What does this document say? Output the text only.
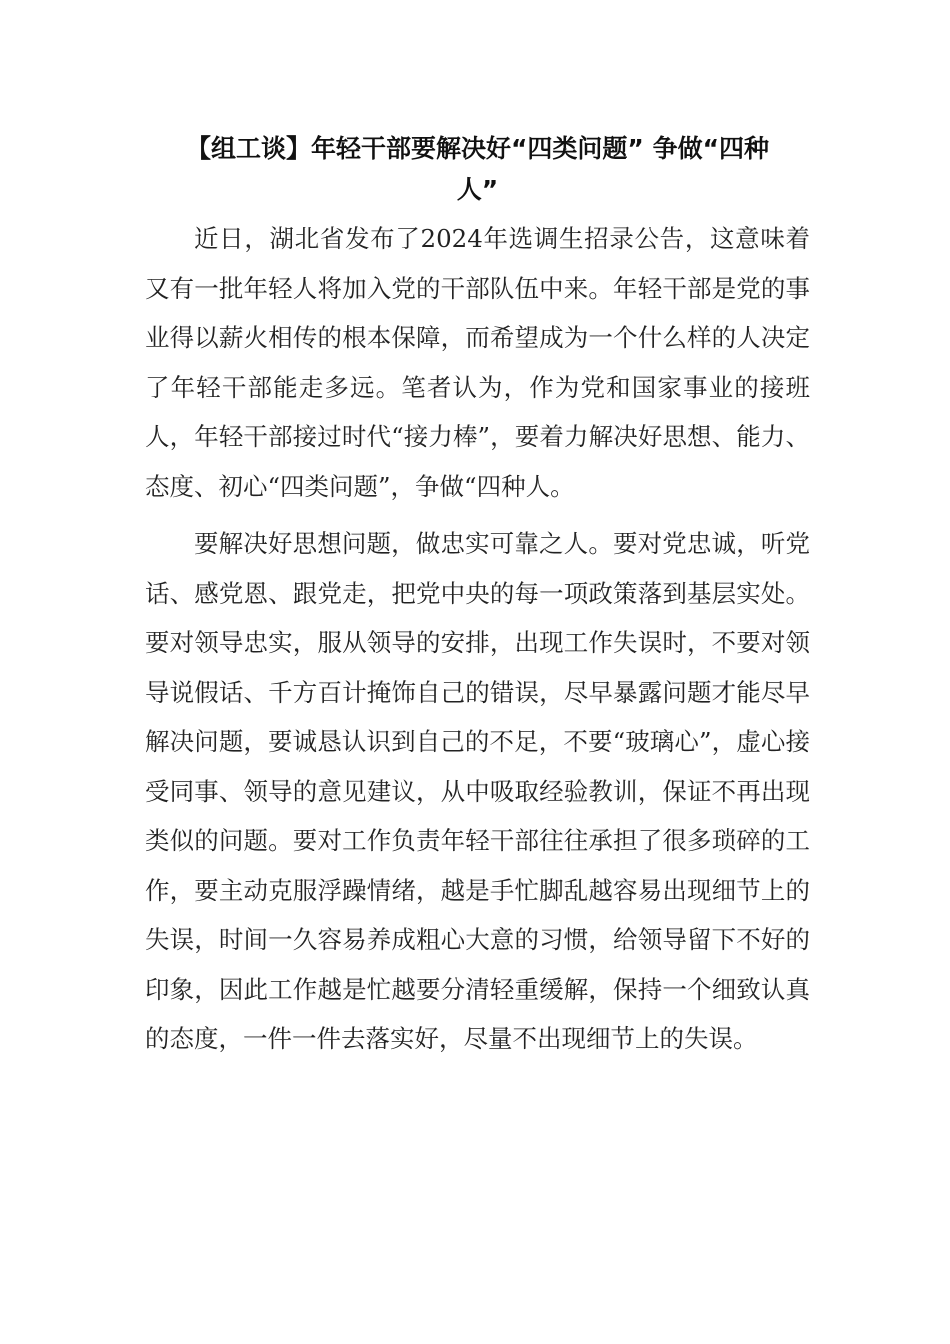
【组工谈】年轻干部要解决好“四类问题” 争做“四种
人”

近日，湖北省发布了2024年选调生招录公告，这意味着又有一批年轻人将加入党的干部队伍中来。年轻干部是党的事业得以薪火相传的根本保障，而希望成为一个什么样的人决定了年轻干部能走多远。笔者认为，作为党和国家事业的接班人，年轻干部接过时代“接力棒”，要着力解决好思想、能力、态度、初心“四类问题”，争做“四种人。

要解决好思想问题，做忠实可靠之人。要对党忠诚，听党话、感党恩、跟党走，把党中央的每一项政策落到基层实处。要对领导忠实，服从领导的安排，出现工作失误时，不要对领导说假话、千方百计掩饰自己的错误，尽早暴露问题才能尽早解决问题，要诚恳认识到自己的不足，不要“玻璃心”，虚心接受同事、领导的意见建议，从中吸取经验教训，保证不再出现类似的问题。要对工作负责年轻干部往往承担了很多琐碎的工作，要主动克服浮躁情绪，越是手忙脚乱越容易出现细节上的失误，时间一久容易养成粗心大意的习惯，给领导留下不好的印象，因此工作越是忙越要分清轻重缓解，保持一个细致认真的态度，一件一件去落实好，尽量不出现细节上的失误。
